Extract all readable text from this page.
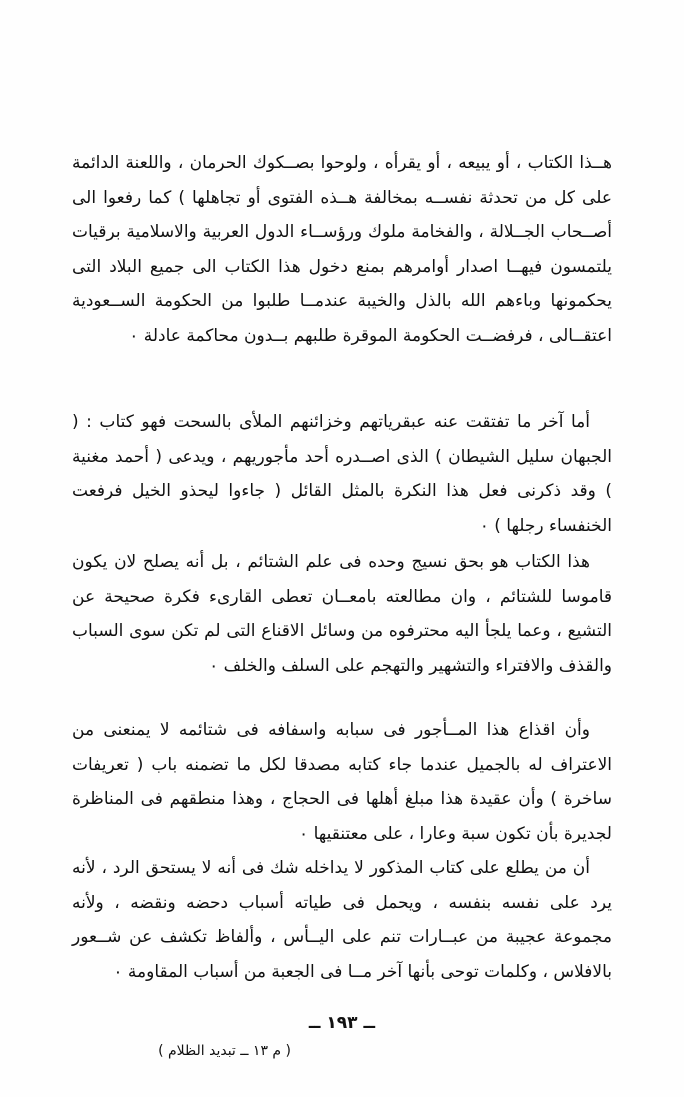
هــذا الكتاب ، أو يبيعه ، أو يقرأه ، ولوحوا بصــكوك الحرمان ، واللعنة الدائمة على كل من تحدثة نفســه بمخالفة هــذه الفتوى أو تجاهلها ) كما رفعوا الى أصــحاب الجــلالة ، والفخامة ملوك ورؤســاء الدول العربية والاسلامية برقيات يلتمسون فيهــا اصدار أوامرهم بمنع دخول هذا الكتاب الى جميع البلاد التى يحكمونها وباءهم الله بالذل والخيبة عندمــا طلبوا من الحكومة الســعودية اعتقــالى ، فرفضــت الحكومة الموقرة طلبهم بــدون محاكمة عادلة ٠

أما آخر ما تفتقت عنه عبقرياتهم وخزائنهم الملأى بالسحت فهو كتاب : ( الجبهان سليل الشيطان ) الذى اصــدره أحد مأجوريهم ، ويدعى ( أحمد مغنية ) وقد ذكرنى فعل هذا النكرة بالمثل القائل ( جاءوا ليحذو الخيل فرفعت الخنفساء رجلها ) ٠

هذا الكتاب هو بحق نسيج وحده فى علم الشتائم ، بل أنه يصلح لان يكون قاموسا للشتائم ، وان مطالعته بامعــان تعطى القارىء فكرة صحيحة عن التشيع ، وعما يلجأ اليه محترفوه من وسائل الاقناع التى لم تكن سوى السباب والقذف والافتراء والتشهير والتهجم على السلف والخلف ٠

وأن اقذاع هذا المــأجور فى سبابه واسفافه فى شتائمه لا يمنعنى من الاعتراف له بالجميل عندما جاء كتابه مصدقا لكل ما تضمنه باب ( تعريفات ساخرة ) وأن عقيدة هذا مبلغ أهلها فى الحجاج ، وهذا منطقهم فى المناظرة لجديرة بأن تكون سبة وعارا ، على معتنقيها ٠

أن من يطلع على كتاب المذكور لا يداخله شك فى أنه لا يستحق الرد ، لأنه يرد على نفسه بنفسه ، ويحمل فى طياته أسباب دحضه ونقضه ، ولأنه مجموعة عجيبة من عبــارات تنم على اليــأس ، وألفاظ تكشف عن شــعور بالافلاس ، وكلمات توحى بأنها آخر مــا فى الجعبة من أسباب المقاومة ٠

ــ ١٩٣ ــ
( م ١٣ ــ تبديد الظلام )
